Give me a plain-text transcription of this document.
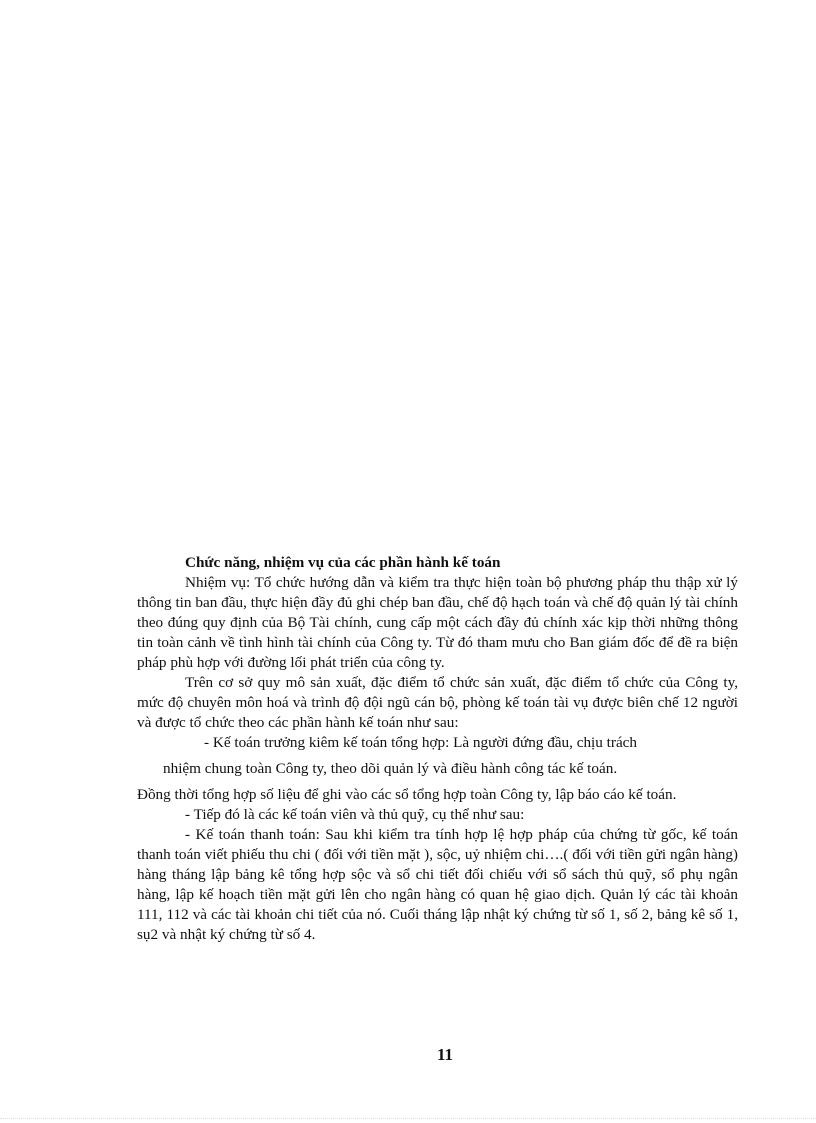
Chức năng, nhiệm vụ của các phần hành kế toán

Nhiệm vụ: Tổ chức hướng dẫn và kiểm tra thực hiện toàn bộ phương pháp thu thập xử lý thông tin ban đầu, thực hiện đầy đủ ghi chép ban đầu, chế độ hạch toán và chế độ quản lý tài chính theo đúng quy định của Bộ Tài chính, cung cấp một cách đầy đủ chính xác kịp thời những thông tin toàn cảnh về tình hình tài chính của Công ty. Từ đó tham mưu cho Ban giám đốc để đề ra biện pháp phù hợp với đường lối phát triển của công ty.

Trên cơ sở quy mô sản xuất, đặc điểm tổ chức sản xuất, đặc điểm tổ chức của Công ty, mức độ chuyên môn hoá và trình độ đội ngũ cán bộ, phòng kế toán tài vụ được biên chế 12 người và được tổ chức theo các phần hành kế toán như sau:

- Kế toán trưởng kiêm kế toán tổng hợp: Là người đứng đầu, chịu trách

nhiệm chung toàn Công ty, theo dõi quản lý và điều hành công tác kế toán.

Đồng thời tổng hợp số liệu để ghi vào các sổ tổng hợp toàn Công ty, lập báo cáo kế toán.

- Tiếp đó là các kế toán viên và thủ quỹ, cụ thể như sau:

- Kế toán thanh toán: Sau khi kiểm tra tính hợp lệ hợp pháp của chứng từ gốc, kế toán thanh toán viết phiếu thu chi ( đối với tiền mặt ), sộc, uỷ nhiệm chi….( đối với tiền gửi ngân hàng) hàng tháng lập bảng kê tổng hợp sộc và sổ chi tiết đối chiếu với sổ sách thủ quỹ, sổ phụ ngân hàng, lập kế hoạch tiền mặt gửi lên cho ngân hàng có quan hệ giao dịch. Quản lý các tài khoản 111, 112 và các tài khoản chi tiết của nó. Cuối tháng lập nhật ký chứng từ số 1, số 2, bảng kê số 1, sụ2 và nhật ký chứng từ số 4.

11
